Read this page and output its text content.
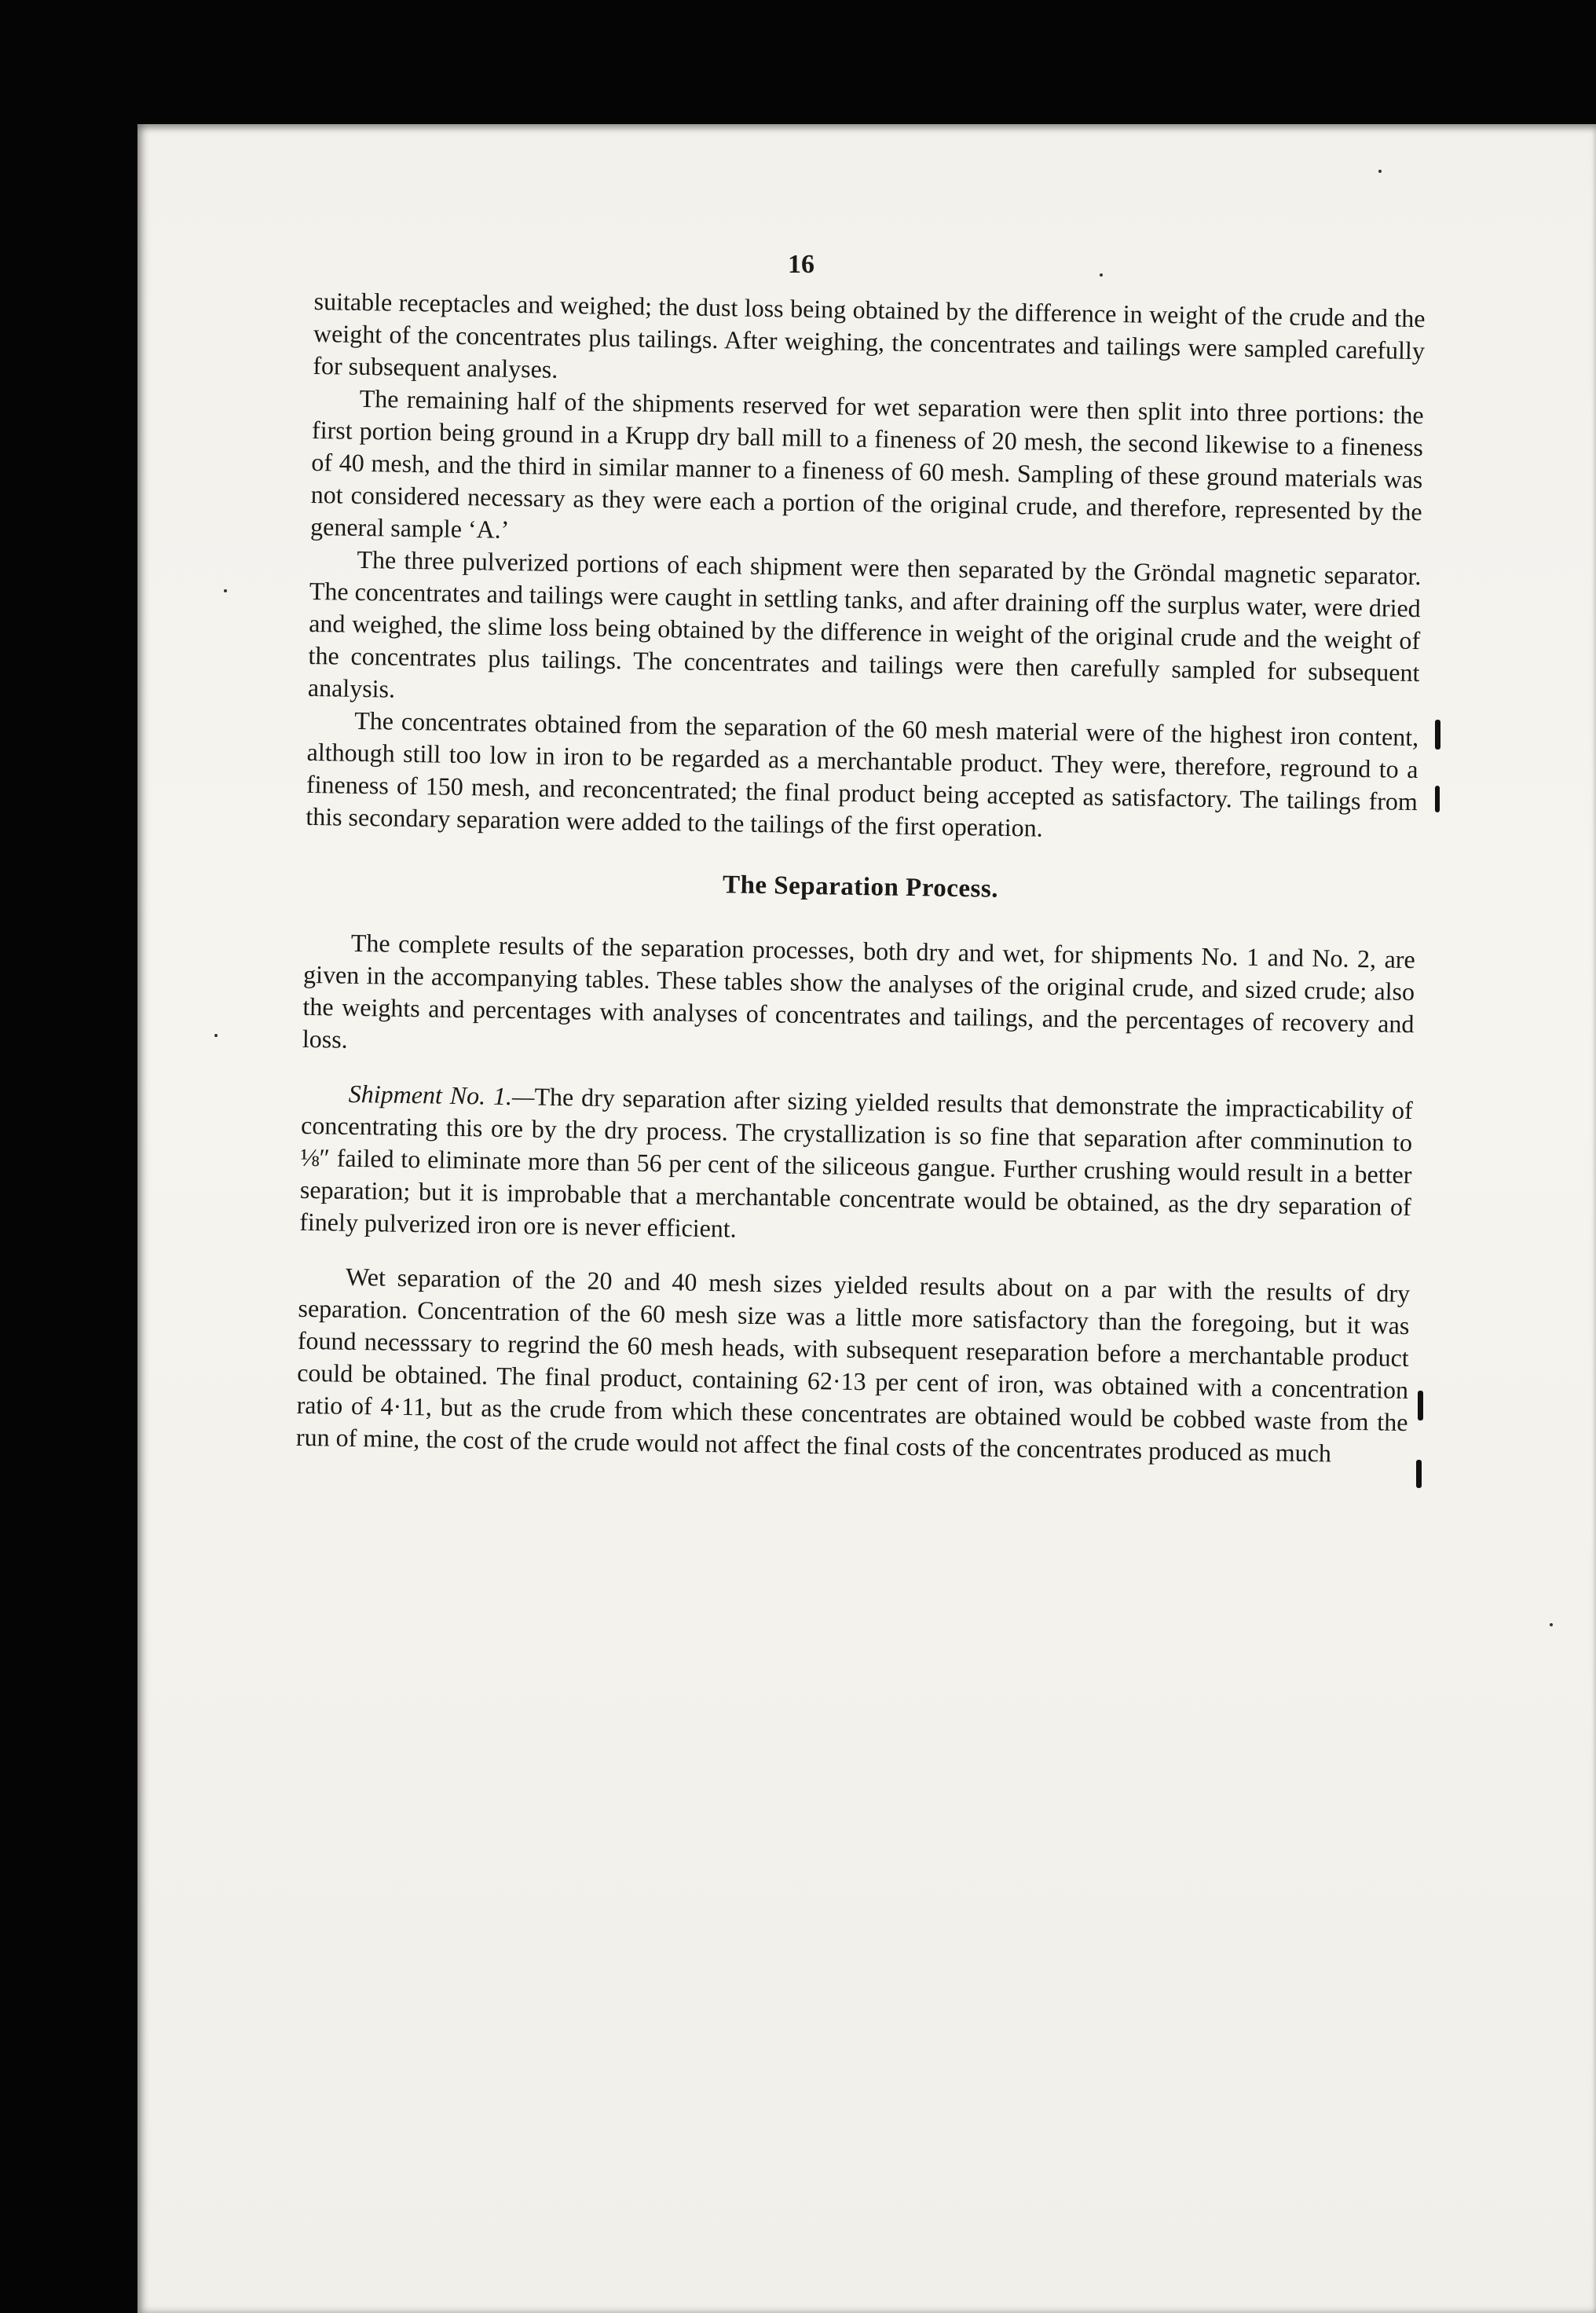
16

suitable receptacles and weighed; the dust loss being obtained by the difference in weight of the crude and the weight of the concentrates plus tailings. After weighing, the concentrates and tailings were sampled carefully for subsequent analyses.

The remaining half of the shipments reserved for wet separation were then split into three portions: the first portion being ground in a Krupp dry ball mill to a fineness of 20 mesh, the second likewise to a fineness of 40 mesh, and the third in similar manner to a fineness of 60 mesh. Sampling of these ground materials was not considered necessary as they were each a portion of the original crude, and therefore, represented by the general sample ‘A.’

The three pulverized portions of each shipment were then separated by the Gröndal magnetic separator. The concentrates and tailings were caught in settling tanks, and after draining off the surplus water, were dried and weighed, the slime loss being obtained by the difference in weight of the original crude and the weight of the concentrates plus tailings. The concentrates and tailings were then carefully sampled for subsequent analysis.

The concentrates obtained from the separation of the 60 mesh material were of the highest iron content, although still too low in iron to be regarded as a merchantable product. They were, therefore, reground to a fineness of 150 mesh, and reconcentrated; the final product being accepted as satisfactory. The tailings from this secondary separation were added to the tailings of the first operation.

The Separation Process.

The complete results of the separation processes, both dry and wet, for shipments No. 1 and No. 2, are given in the accompanying tables. These tables show the analyses of the original crude, and sized crude; also the weights and percentages with analyses of concentrates and tailings, and the percentages of recovery and loss.

Shipment No. 1.—The dry separation after sizing yielded results that demonstrate the impracticability of concentrating this ore by the dry process. The crystallization is so fine that separation after comminution to ⅛″ failed to eliminate more than 56 per cent of the siliceous gangue. Further crushing would result in a better separation; but it is improbable that a merchantable concentrate would be obtained, as the dry separation of finely pulverized iron ore is never efficient.

Wet separation of the 20 and 40 mesh sizes yielded results about on a par with the results of dry separation. Concentration of the 60 mesh size was a little more satisfactory than the foregoing, but it was found necesssary to regrind the 60 mesh heads, with subsequent reseparation before a merchantable product could be obtained. The final product, containing 62·13 per cent of iron, was obtained with a concentration ratio of 4·11, but as the crude from which these concentrates are obtained would be cobbed waste from the run of mine, the cost of the crude would not affect the final costs of the concentrates produced as much
